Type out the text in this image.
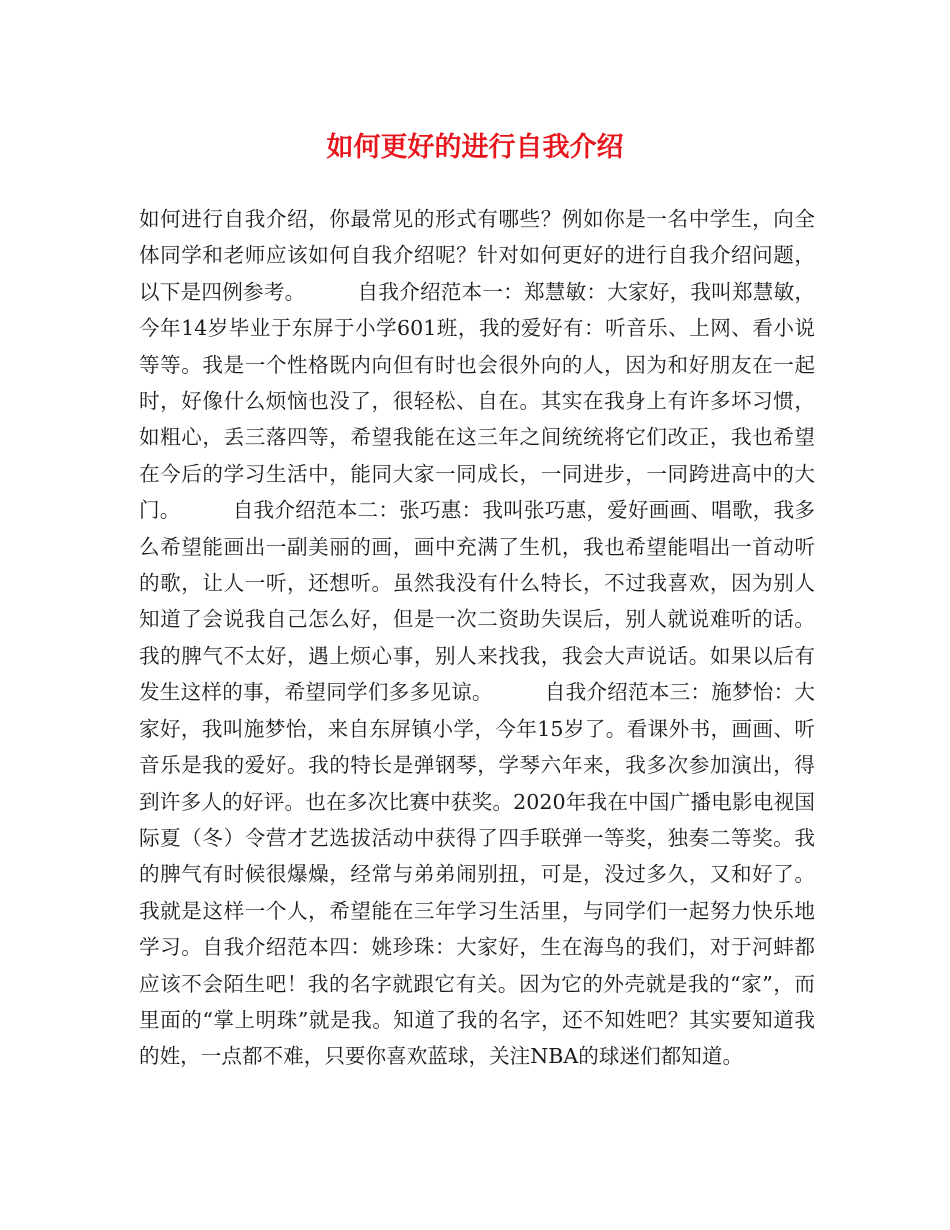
如何更好的进行自我介绍

如何进行自我介绍，你最常见的形式有哪些？例如你是一名中学生，向全体同学和老师应该如何自我介绍呢？针对如何更好的进行自我介绍问题，以下是四例参考。　　　自我介绍范本一：郑慧敏：大家好，我叫郑慧敏，今年14岁毕业于东屏于小学601班，我的爱好有：听音乐、上网、看小说等等。我是一个性格既内向但有时也会很外向的人，因为和好朋友在一起时，好像什么烦恼也没了，很轻松、自在。其实在我身上有许多坏习惯，如粗心，丢三落四等，希望我能在这三年之间统统将它们改正，我也希望在今后的学习生活中，能同大家一同成长，一同进步，一同跨进高中的大门。　　　自我介绍范本二：张巧惠：我叫张巧惠，爱好画画、唱歌，我多么希望能画出一副美丽的画，画中充满了生机，我也希望能唱出一首动听的歌，让人一听，还想听。虽然我没有什么特长，不过我喜欢，因为别人知道了会说我自己怎么好，但是一次二资助失误后，别人就说难听的话。我的脾气不太好，遇上烦心事，别人来找我，我会大声说话。如果以后有发生这样的事，希望同学们多多见谅。　　　自我介绍范本三：施梦怡：大家好，我叫施梦怡，来自东屏镇小学，今年15岁了。看课外书，画画、听音乐是我的爱好。我的特长是弹钢琴，学琴六年来，我多次参加演出，得到许多人的好评。也在多次比赛中获奖。2020年我在中国广播电影电视国际夏（冬）令营才艺选拔活动中获得了四手联弹一等奖，独奏二等奖。我的脾气有时候很爆燥，经常与弟弟闹别扭，可是，没过多久，又和好了。我就是这样一个人，希望能在三年学习生活里，与同学们一起努力快乐地学习。自我介绍范本四：姚珍珠：大家好，生在海鸟的我们，对于河蚌都应该不会陌生吧！我的名字就跟它有关。因为它的外壳就是我的“家”，而里面的“掌上明珠”就是我。知道了我的名字，还不知姓吧？其实要知道我的姓，一点都不难，只要你喜欢蓝球，关注NBA的球迷们都知道。
